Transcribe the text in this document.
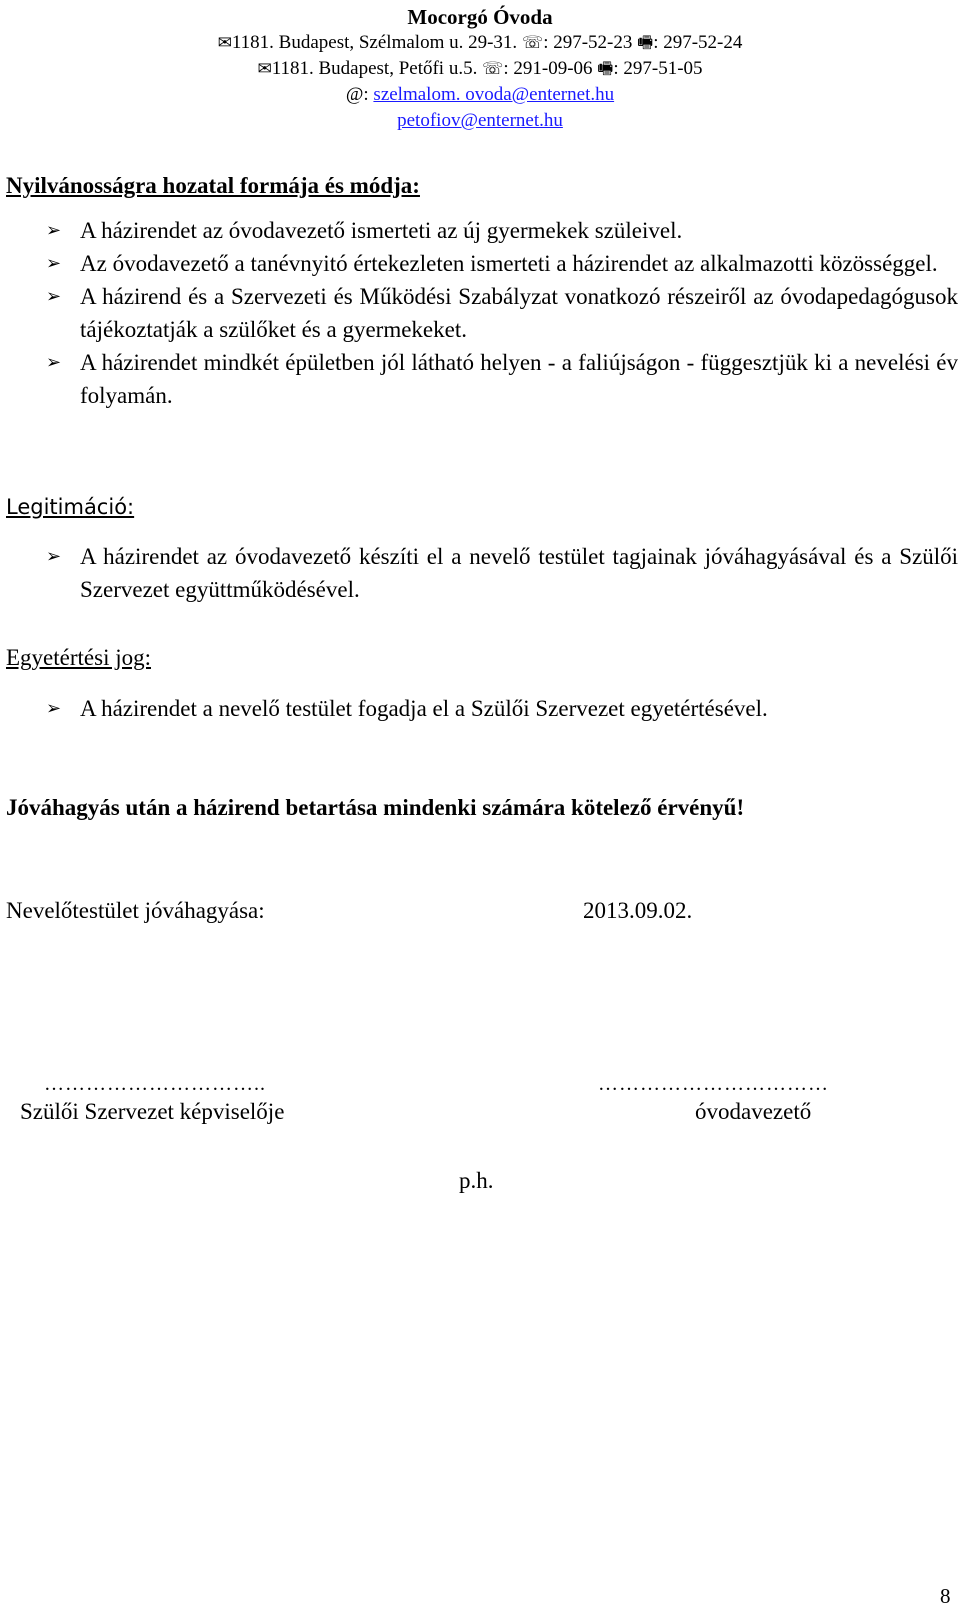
Mocorgó Óvoda
✉1181. Budapest, Szélmalom u. 29-31. ☏: 297-52-23 🖷: 297-52-24
✉1181. Budapest, Petőfi u.5. ☏: 291-09-06 🖷: 297-51-05
@: szelmalom. ovoda@enternet.hu
petofiov@enternet.hu
Nyilvánosságra hozatal formája és módja:
➢ A házirendet az óvodavezető ismerteti az új gyermekek szüleivel.
➢ Az óvodavezető a tanévnyitó értekezleten ismerteti a házirendet az alkalmazotti közösséggel.
➢ A házirend és a Szervezeti és Működési Szabályzat vonatkozó részeiről az óvodapedagógusok tájékoztatják a szülőket és a gyermekeket.
➢ A házirendet mindkét épületben jól látható helyen - a faliújságon - függesztjük ki a nevelési év folyamán.
Legitimáció:
➢ A házirendet az óvodavezető készíti el a nevelő testület tagjainak jóváhagyásával és a Szülői Szervezet együttműködésével.
Egyetértési jog:
➢ A házirendet a nevelő testület fogadja el a Szülői Szervezet egyetértésével.
Jóváhagyás után a házirend betartása mindenki számára kötelező érvényű!
Nevelőtestület jóváhagyása:	2013.09.02.
…………………………..
Szülői Szervezet képviselője
……………………………
óvodavezető
p.h.
8
